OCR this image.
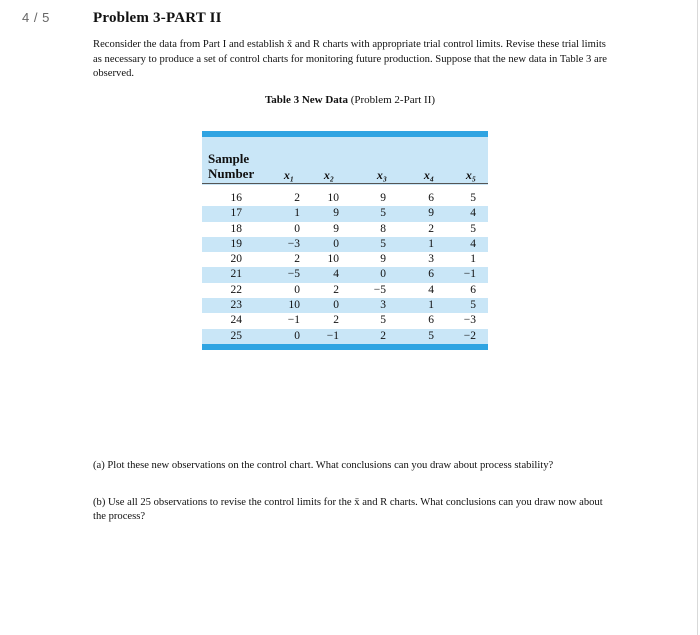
4 / 5	Problem 3-PART II
Reconsider the data from Part I and establish x̄ and R charts with appropriate trial control limits. Revise these trial limits as necessary to produce a set of control charts for monitoring future production. Suppose that the new data in Table 3 are observed.
Table 3 New Data (Problem 2-Part II)
Sample
Number	x₁	x₂	x₃	x₄	x₅
16	2	10	9	6	5
17	1	9	5	9	4
18	0	9	8	2	5
19	−3	0	5	1	4
20	2	10	9	3	1
21	−5	4	0	6	−1
22	0	2	−5	4	6
23	10	0	3	1	5
24	−1	2	5	6	−3
25	0	−1	2	5	−2
(a) Plot these new observations on the control chart. What conclusions can you draw about process stability?
(b) Use all 25 observations to revise the control limits for the x̄ and R charts. What conclusions can you draw now about the process?
